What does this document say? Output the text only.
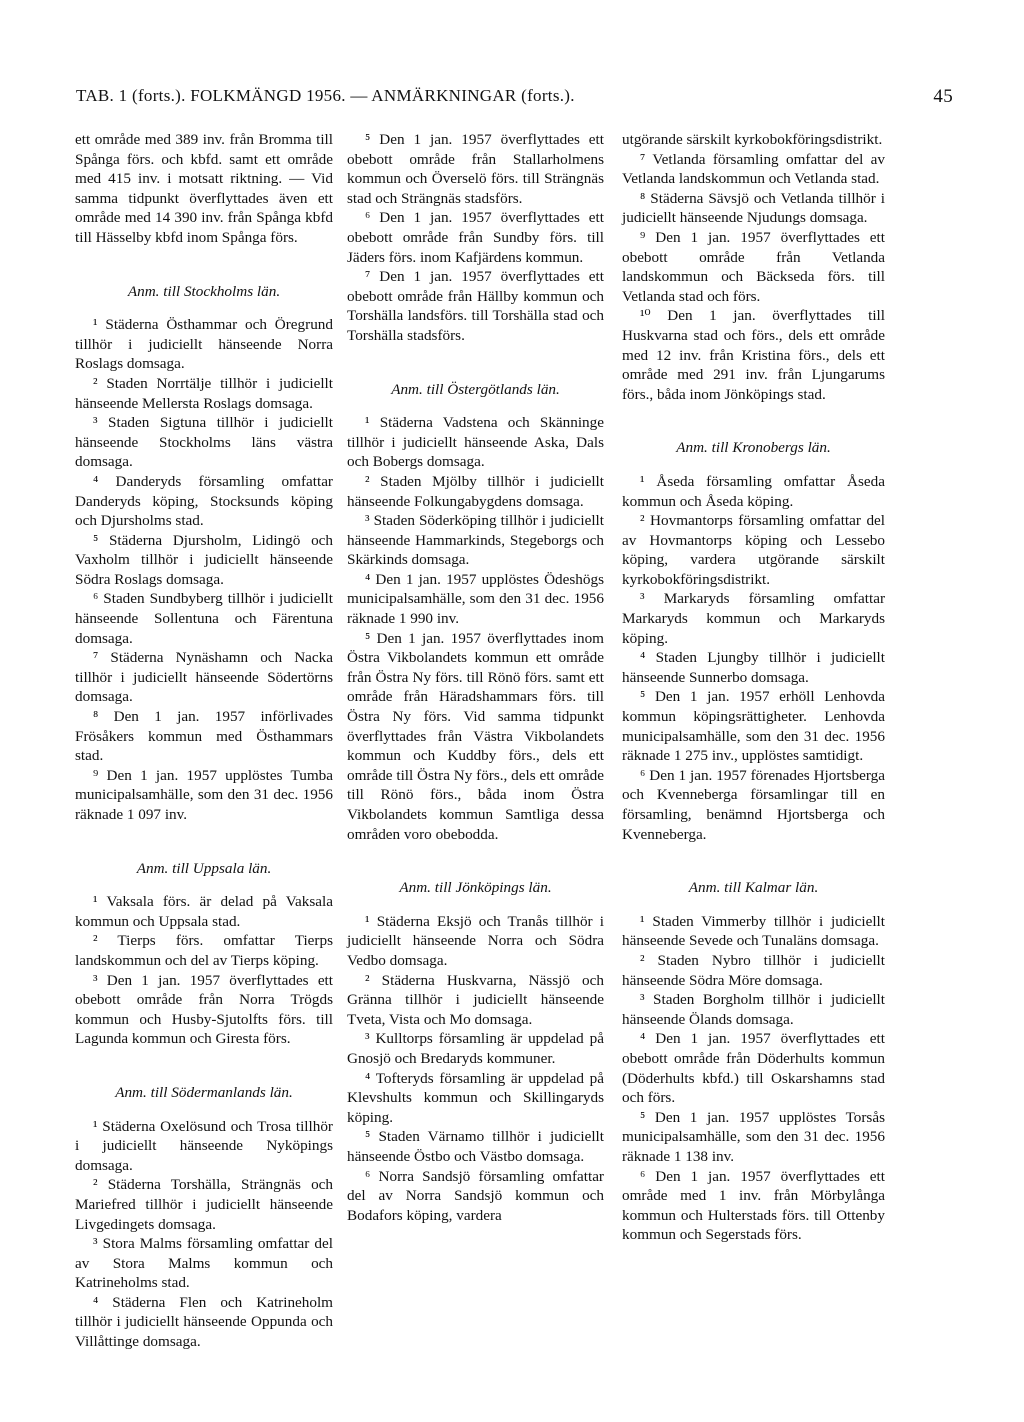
TAB. 1 (forts.). FOLKMÄNGD 1956. — ANMÄRKNINGAR (forts.).	45

ett område med 389 inv. från Bromma till Spånga förs. och kbfd. samt ett område med 415 inv. i motsatt riktning. — Vid samma tidpunkt överflyttades även ett område med 14 390 inv. från Spånga kbfd till Hässelby kbfd inom Spånga förs.

Anm. till Stockholms län.

¹ Städerna Östhammar och Öregrund tillhör i judiciellt hänseende Norra Roslags domsaga.

² Staden Norrtälje tillhör i judiciellt hänseende Mellersta Roslags domsaga.

³ Staden Sigtuna tillhör i judiciellt hänseende Stockholms läns västra domsaga.

⁴ Danderyds församling omfattar Danderyds köping, Stocksunds köping och Djursholms stad.

⁵ Städerna Djursholm, Lidingö och Vaxholm tillhör i judiciellt hänseende Södra Roslags domsaga.

⁶ Staden Sundbyberg tillhör i judiciellt hänseende Sollentuna och Färentuna domsaga.

⁷ Städerna Nynäshamn och Nacka tillhör i judiciellt hänseende Södertörns domsaga.

⁸ Den 1 jan. 1957 införlivades Frösåkers kommun med Östhammars stad.

⁹ Den 1 jan. 1957 upplöstes Tumba municipalsamhälle, som den 31 dec. 1956 räknade 1 097 inv.

Anm. till Uppsala län.

¹ Vaksala förs. är delad på Vaksala kommun och Uppsala stad.

² Tierps förs. omfattar Tierps landskommun och del av Tierps köping.

³ Den 1 jan. 1957 överflyttades ett obebott område från Norra Trögds kommun och Husby-Sjutolfts förs. till Lagunda kommun och Giresta förs.

Anm. till Södermanlands län.

¹ Städerna Oxelösund och Trosa tillhör i judiciellt hänseende Nyköpings domsaga.

² Städerna Torshälla, Strängnäs och Mariefred tillhör i judiciellt hänseende Livgedingets domsaga.

³ Stora Malms församling omfattar del av Stora Malms kommun och Katrineholms stad.

⁴ Städerna Flen och Katrineholm tillhör i judiciellt hänseende Oppunda och Villåttinge domsaga.

⁵ Den 1 jan. 1957 överflyttades ett obebott område från Stallarholmens kommun och Överselö förs. till Strängnäs stad och Strängnäs stadsförs.

⁶ Den 1 jan. 1957 överflyttades ett obebott område från Sundby förs. till Jäders förs. inom Kafjärdens kommun.

⁷ Den 1 jan. 1957 överflyttades ett obebott område från Hällby kommun och Torshälla landsförs. till Torshälla stad och Torshälla stadsförs.

Anm. till Östergötlands län.

¹ Städerna Vadstena och Skänninge tillhör i judiciellt hänseende Aska, Dals och Bobergs domsaga.

² Staden Mjölby tillhör i judiciellt hänseende Folkungabygdens domsaga.

³ Staden Söderköping tillhör i judiciellt hänseende Hammarkinds, Stegeborgs och Skärkinds domsaga.

⁴ Den 1 jan. 1957 upplöstes Ödeshögs municipalsamhälle, som den 31 dec. 1956 räknade 1 990 inv.

⁵ Den 1 jan. 1957 överflyttades inom Östra Vikbolandets kommun ett område från Östra Ny förs. till Rönö förs. samt ett område från Häradshammars förs. till Östra Ny förs. Vid samma tidpunkt överflyttades från Västra Vikbolandets kommun och Kuddby förs., dels ett område till Östra Ny förs., dels ett område till Rönö förs., båda inom Östra Vikbolandets kommun Samtliga dessa områden voro obebodda.

Anm. till Jönköpings län.

¹ Städerna Eksjö och Tranås tillhör i judiciellt hänseende Norra och Södra Vedbo domsaga.

² Städerna Huskvarna, Nässjö och Gränna tillhör i judiciellt hänseende Tveta, Vista och Mo domsaga.

³ Kulltorps församling är uppdelad på Gnosjö och Bredaryds kommuner.

⁴ Tofteryds församling är uppdelad på Klevshults kommun och Skillingaryds köping.

⁵ Staden Värnamo tillhör i judiciellt hänseende Östbo och Västbo domsaga.

⁶ Norra Sandsjö församling omfattar del av Norra Sandsjö kommun och Bodafors köping, vardera

utgörande särskilt kyrkobokföringsdistrikt.

⁷ Vetlanda församling omfattar del av Vetlanda landskommun och Vetlanda stad.

⁸ Städerna Sävsjö och Vetlanda tillhör i judiciellt hänseende Njudungs domsaga.

⁹ Den 1 jan. 1957 överflyttades ett obebott område från Vetlanda landskommun och Bäckseda förs. till Vetlanda stad och förs.

¹⁰ Den 1 jan. överflyttades till Huskvarna stad och förs., dels ett område med 12 inv. från Kristina förs., dels ett område med 291 inv. från Ljungarums förs., båda inom Jönköpings stad.

Anm. till Kronobergs län.

¹ Åseda församling omfattar Åseda kommun och Åseda köping.

² Hovmantorps församling omfattar del av Hovmantorps köping och Lessebo köping, vardera utgörande särskilt kyrkobokföringsdistrikt.

³ Markaryds församling omfattar Markaryds kommun och Markaryds köping.

⁴ Staden Ljungby tillhör i judiciellt hänseende Sunnerbo domsaga.

⁵ Den 1 jan. 1957 erhöll Lenhovda kommun köpingsrättigheter. Lenhovda municipalsamhälle, som den 31 dec. 1956 räknade 1 275 inv., upplöstes samtidigt.

⁶ Den 1 jan. 1957 förenades Hjortsberga och Kvenneberga församlingar till en församling, benämnd Hjortsberga och Kvenneberga.

Anm. till Kalmar län.

¹ Staden Vimmerby tillhör i judiciellt hänseende Sevede och Tunaläns domsaga.

² Staden Nybro tillhör i judiciellt hänseende Södra Möre domsaga.

³ Staden Borgholm tillhör i judiciellt hänseende Ölands domsaga.

⁴ Den 1 jan. 1957 överflyttades ett obebott område från Döderhults kommun (Döderhults kbfd.) till Oskarshamns stad och förs.

⁵ Den 1 jan. 1957 upplöstes Torsås municipalsamhälle, som den 31 dec. 1956 räknade 1 138 inv.

⁶ Den 1 jan. 1957 överflyttades ett område med 1 inv. från Mörbylånga kommun och Hulterstads förs. till Ottenby kommun och Segerstads förs.
